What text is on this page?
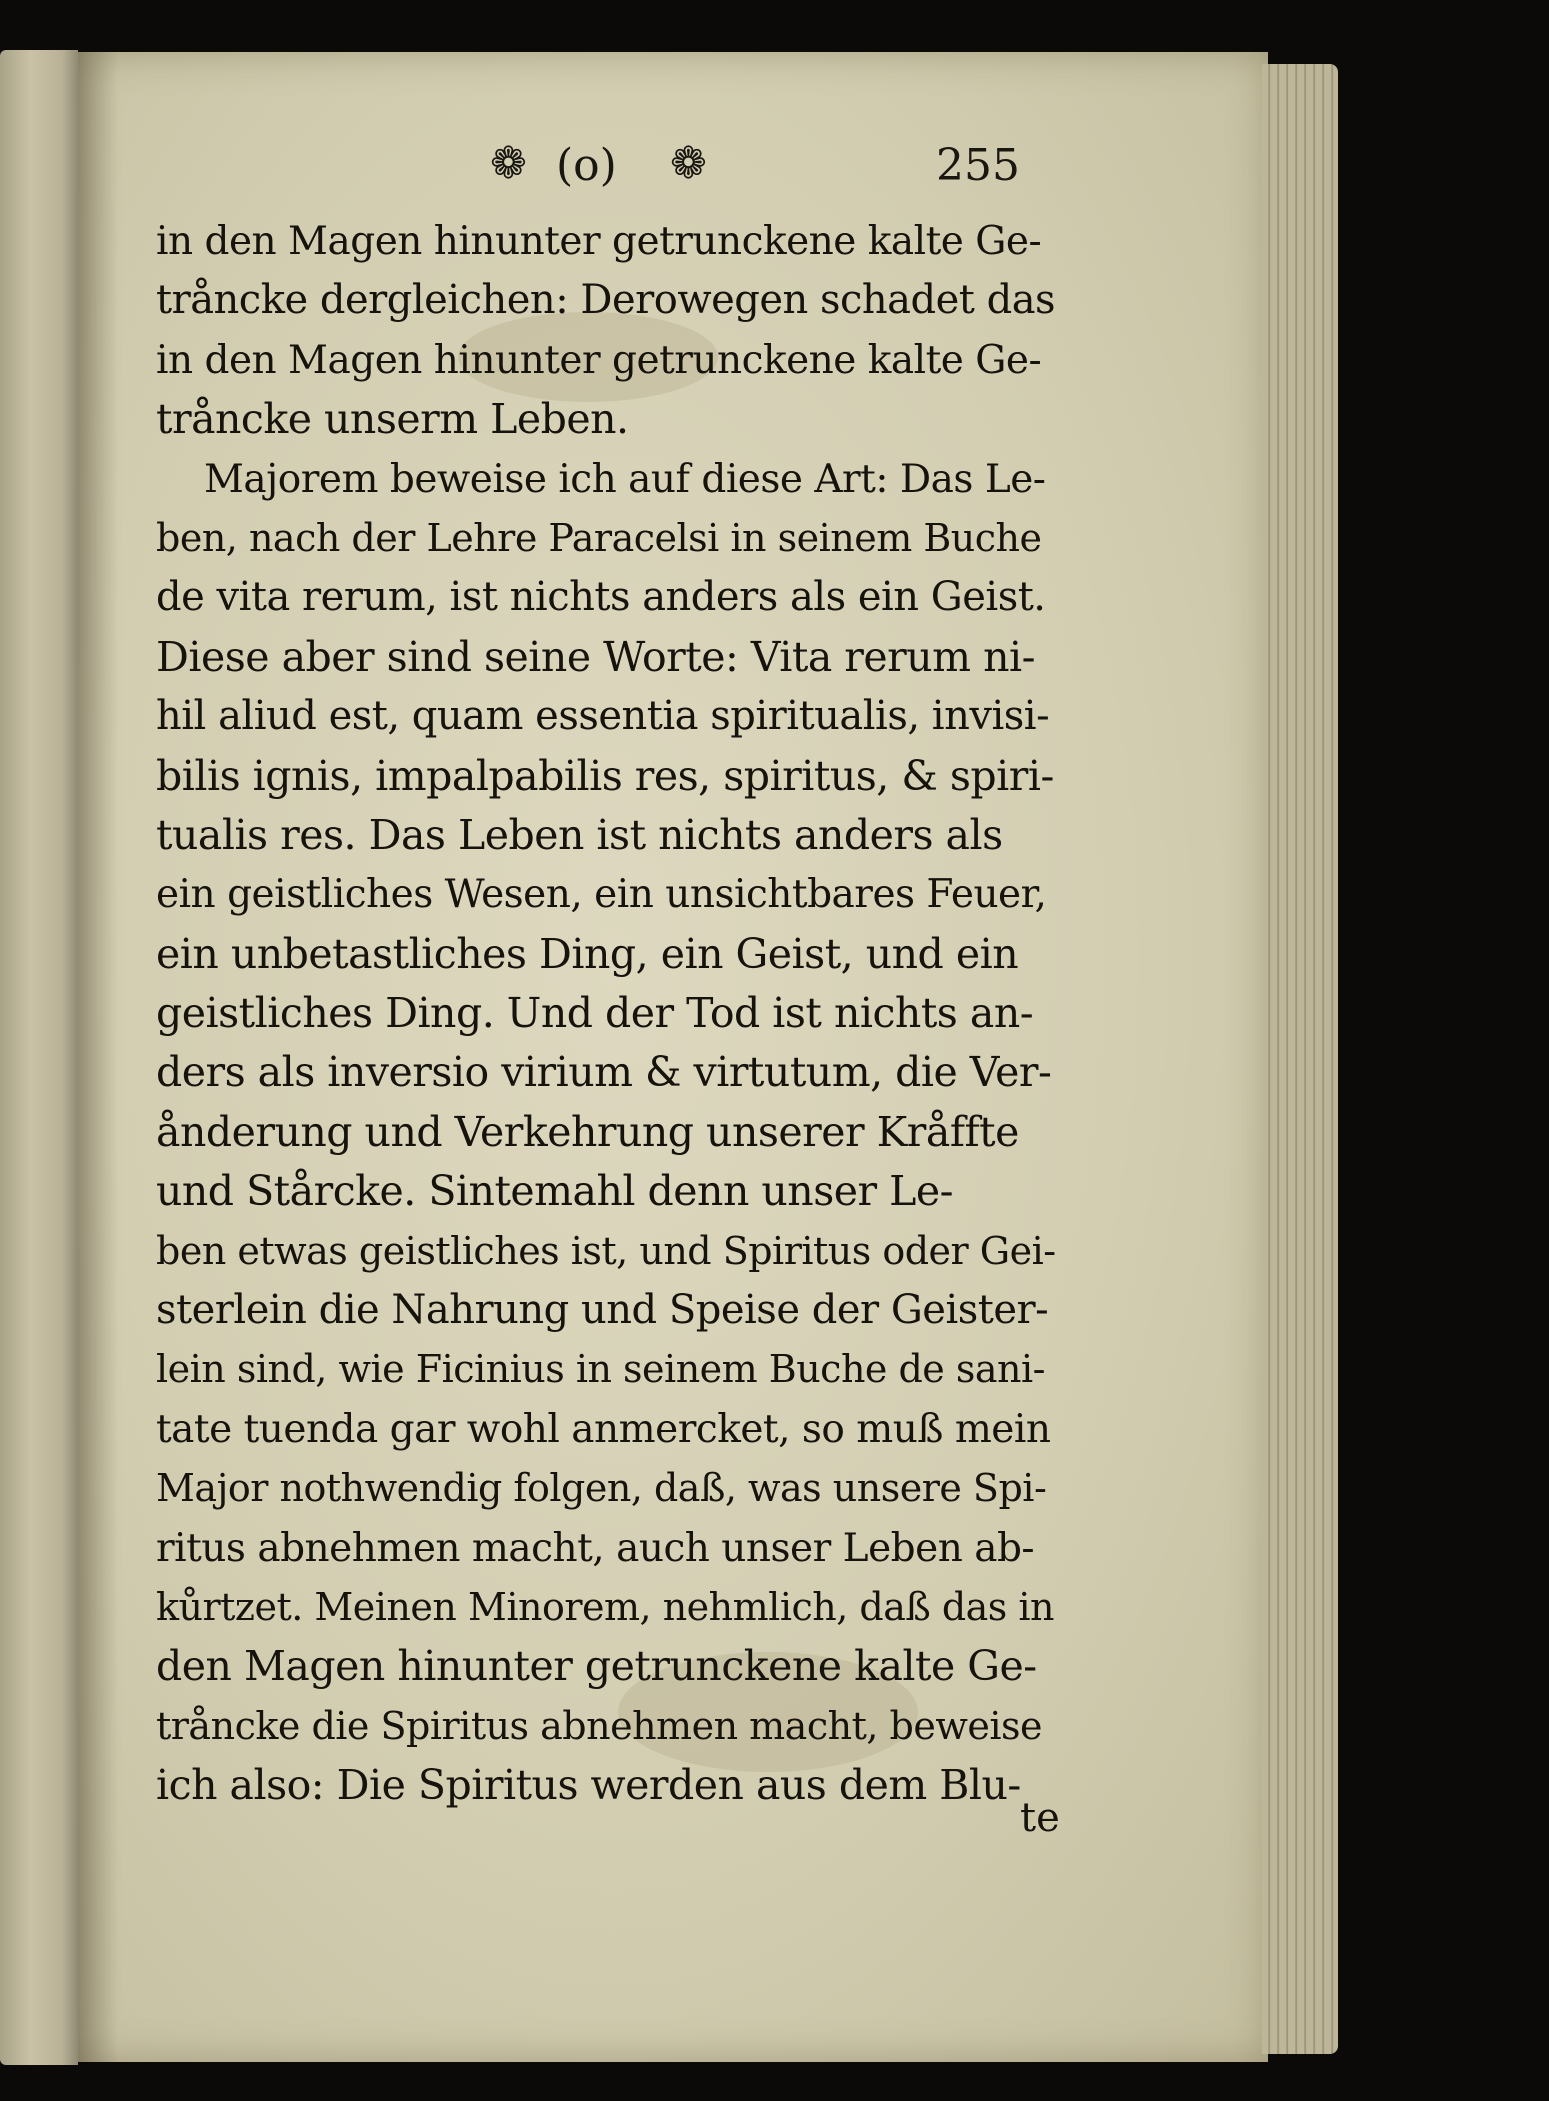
❁ (o) ❁	255
in den Magen hinunter getrunckene kalte Ge-
tråncke dergleichen: Derowegen schadet das
in den Magen hinunter getrunckene kalte Ge-
tråncke unserm Leben.
Majorem beweise ich auf diese Art: Das Le-
ben, nach der Lehre Paracelsi in seinem Buche
de vita rerum, ist nichts anders als ein Geist.
Diese aber sind seine Worte: Vita rerum ni-
hil aliud est, quam essentia spiritualis, invisi-
bilis ignis, impalpabilis res, spiritus, & spiri-
tualis res. Das Leben ist nichts anders als
ein geistliches Wesen, ein unsichtbares Feuer,
ein unbetastliches Ding, ein Geist, und ein
geistliches Ding. Und der Tod ist nichts an-
ders als inversio virium & virtutum, die Ver-
ånderung und Verkehrung unserer Kråffte
und Stårcke. Sintemahl denn unser Le-
ben etwas geistliches ist, und Spiritus oder Gei-
sterlein die Nahrung und Speise der Geister-
lein sind, wie Ficinius in seinem Buche de sani-
tate tuenda gar wohl anmercket, so muß mein
Major nothwendig folgen, daß, was unsere Spi-
ritus abnehmen macht, auch unser Leben ab-
kůrtzet. Meinen Minorem, nehmlich, daß das in
den Magen hinunter getrunckene kalte Ge-
tråncke die Spiritus abnehmen macht, beweise
ich also: Die Spiritus werden aus dem Blu-
te
